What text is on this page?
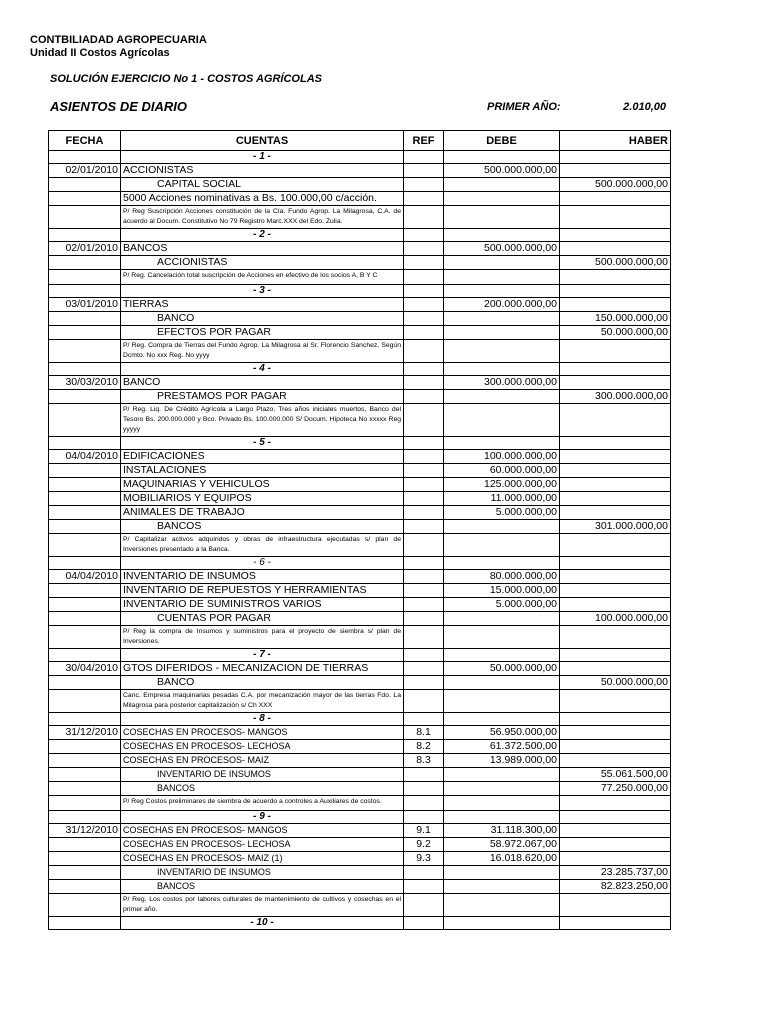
CONTBILIADAD AGROPECUARIA
Unidad II Costos Agrícolas
SOLUCIÓN EJERCICIO No 1 - COSTOS AGRÍCOLAS
ASIENTOS DE DIARIO	PRIMER AÑO:	2.010,00
FECHA	CUENTAS	REF	DEBE	HABER
	- 1 -			
02/01/2010	ACCIONISTAS		500.000.000,00	
	CAPITAL SOCIAL			500.000.000,00
	5000 Acciones nominativas a Bs. 100.000,00 c/acción.			
	P/ Reg Suscripción Acciones constitución de la Cía. Fundo Agrop. La Milagrosa, C.A. de acuerdo al Docum. Constitutivo No 79 Registro Marc.XXX del Edo. Zulia.			
	- 2 -			
02/01/2010	BANCOS		500.000.000,00	
	ACCIONISTAS			500.000.000,00
	P/ Reg. Cancelación total suscripción de Acciones en efectivo de los socios A, B Y C			
	- 3 -			
03/01/2010	TIERRAS		200.000.000,00	
	BANCO			150.000.000,00
	EFECTOS POR PAGAR			50.000.000,00
	P/ Reg. Compra de Tierras del Fundo Agrop. La Milagrosa al Sr. Florencio Sanchez, Según Dcmto. No xxx Reg. No yyyy			
	- 4 -			
30/03/2010	BANCO		300.000.000,00	
	PRESTAMOS POR PAGAR			300.000.000,00
	P/ Reg. Liq. De Crédito Agrícola a Largo Plazo, Tres años iniciales muertos, Banco del Tesoro Bs. 200.000.000 y Bco. Privado Bs. 100.000.000 S/ Docum. Hipoteca No xxxxx Reg yyyyy			
	- 5 -			
04/04/2010	EDIFICACIONES		100.000.000,00	
	INSTALACIONES		60.000.000,00	
	MAQUINARIAS Y VEHICULOS		125.000.000,00	
	MOBILIARIOS Y EQUIPOS		11.000.000,00	
	ANIMALES DE TRABAJO		5.000.000,00	
	BANCOS			301.000.000,00
	P/ Capitalizar activos adquiridos y obras de infraestructura ejecutadas s/ plan de Inversiones presentado a la Banca.			
	- 6 -			
04/04/2010	INVENTARIO DE INSUMOS		80.000.000,00	
	INVENTARIO DE REPUESTOS Y HERRAMIENTAS		15.000.000,00	
	INVENTARIO DE SUMINISTROS VARIOS		5.000.000,00	
	CUENTAS POR PAGAR			100.000.000,00
	P/ Reg la compra de Insumos y suministros para el proyecto de siembra s/ plan de Inversiones.			
	- 7 -			
30/04/2010	GTOS DIFERIDOS - MECANIZACION DE TIERRAS		50.000.000,00	
	BANCO			50.000.000,00
	Canc. Empresa maquinarias pesadas C.A. por mecanización mayor de las tierras Fdo. La Milagrosa para posterior capitalización s/ Ch XXX			
	- 8 -			
31/12/2010	COSECHAS EN PROCESOS- MANGOS	8.1	56.950.000,00	
	COSECHAS EN PROCESOS- LECHOSA	8.2	61.372.500,00	
	COSECHAS EN PROCESOS- MAIZ	8.3	13.989.000,00	
	INVENTARIO DE INSUMOS			55.061.500,00
	BANCOS			77.250.000,00
	P/ Reg Costos preliminares de siembra de acuerdo a controles a Auxiliares de costos.			
	- 9 -			
31/12/2010	COSECHAS EN PROCESOS- MANGOS	9.1	31.118.300,00	
	COSECHAS EN PROCESOS- LECHOSA	9.2	58.972.067,00	
	COSECHAS EN PROCESOS- MAIZ (1)	9.3	16.018.620,00	
	INVENTARIO DE INSUMOS			23.285.737,00
	BANCOS			82.823.250,00
	P/ Reg. Los costos por labores culturales de mantenimiento de cultivos y cosechas en el primer año.			
	- 10 -			
